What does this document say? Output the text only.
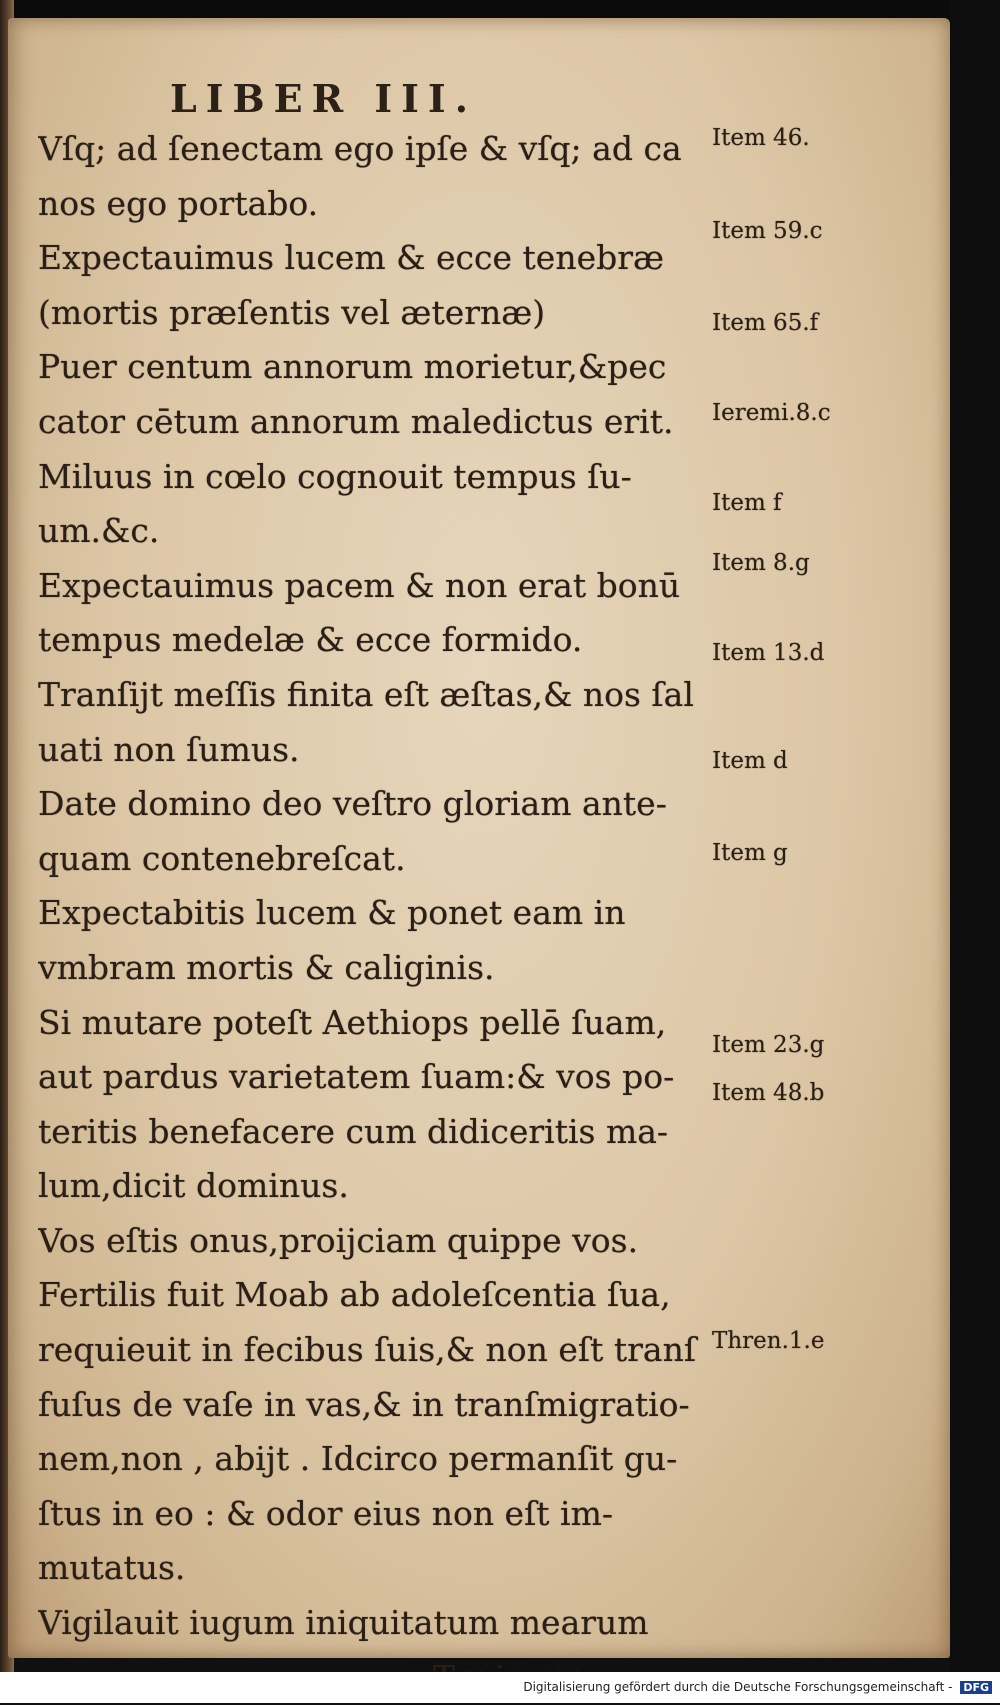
LIBER III.
Vſq; ad ſenectam ego ipſe & vſq; ad ca
nos ego portabo.
Expectauimus lucem & ecce tenebræ
(mortis præſentis vel æternæ)
Puer centum annorum morietur,&pec
cator cētum annorum maledictus erit.
Miluus in cœlo cognouit tempus ſu-
um.&c.
Expectauimus pacem & non erat bonū
tempus medelæ & ecce formido.
Tranſijt meſſis finita eſt æſtas,& nos ſal
uati non ſumus.
Date domino deo veſtro gloriam ante-
quam contenebreſcat.
Expectabitis lucem & ponet eam in
vmbram mortis & caliginis.
Si mutare poteſt Aethiops pellē ſuam,
aut pardus varietatem ſuam:& vos po-
teritis benefacere cum didiceritis ma-
lum,dicit dominus.
Vos eſtis onus,proijciam quippe vos.
Fertilis fuit Moab ab adoleſcentia ſua,
requieuit in fecibus ſuis,& non eſt tranſ
fuſus de vaſe in vas,& in tranſmigratio-
nem,non , abijt . Idcirco permanſit gu-
ſtus in eo : & odor eius non eſt im-
mutatus.
Vigilauit iugum iniquitatum mearum
Item 46.
Item 59.c
Item 65.f
Ieremi.8.c
Item f
Item 8.g
Item 13.d
Item d
Item g
Item 23.g
Item 48.b
Thren.1.e
Digitalisierung gefördert durch die Deutsche Forschungsgemeinschaft - DFG
